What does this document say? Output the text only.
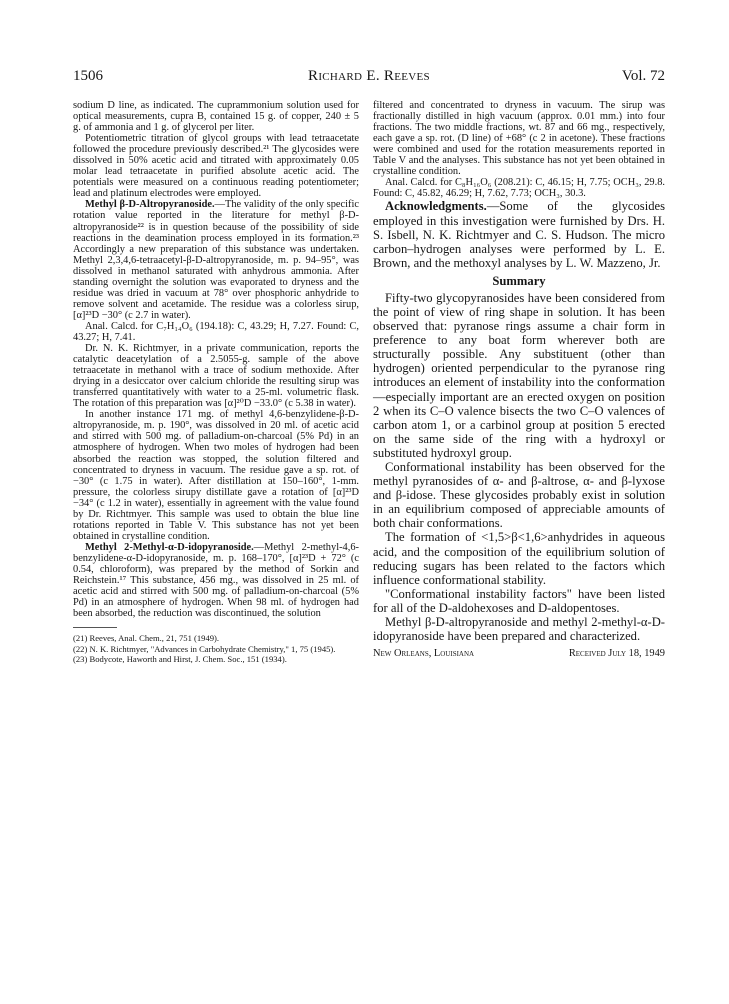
1506	Richard E. Reeves	Vol. 72

sodium D line, as indicated. The cuprammonium solution used for optical measurements, cupra B, contained 15 g. of copper, 240 ± 5 g. of ammonia and 1 g. of glycerol per liter.

Potentiometric titration of glycol groups with lead tetraacetate followed the procedure previously described.²¹ The glycosides were dissolved in 50% acetic acid and titrated with approximately 0.05 molar lead tetraacetate in purified absolute acetic acid. The potentials were measured on a continuous reading potentiometer; lead and platinum electrodes were employed.

Methyl β-D-Altropyranoside.—The validity of the only specific rotation value reported in the literature for methyl β-D-altropyranoside²² is in question because of the possibility of side reactions in the deamination process employed in its formation.²³ Accordingly a new preparation of this substance was undertaken. Methyl 2,3,4,6-tetraacetyl-β-D-altropyranoside, m. p. 94–95°, was dissolved in methanol saturated with anhydrous ammonia. After standing overnight the solution was evaporated to dryness and the residue was dried in vacuum at 78° over phosphoric anhydride to remove solvent and acetamide. The residue was a colorless sirup, [α]²³D −30° (c 2.7 in water).

Anal. Calcd. for C₇H₁₄O₆ (194.18): C, 43.29; H, 7.27. Found: C, 43.27; H, 7.41.

Dr. N. K. Richtmyer, in a private communication, reports the catalytic deacetylation of a 2.5055-g. sample of the above tetraacetate in methanol with a trace of sodium methoxide. After drying in a desiccator over calcium chloride the resulting sirup was transferred quantitatively with water to a 25-ml. volumetric flask. The rotation of this preparation was [α]²⁰D −33.0° (c 5.38 in water).

In another instance 171 mg. of methyl 4,6-benzylidene-β-D-altropyranoside, m. p. 190°, was dissolved in 20 ml. of acetic acid and stirred with 500 mg. of palladium-on-charcoal (5% Pd) in an atmosphere of hydrogen. When two moles of hydrogen had been absorbed the reaction was stopped, the solution filtered and concentrated to dryness in vacuum. The residue gave a sp. rot. of −30° (c 1.75 in water). After distillation at 150–160°, 1-mm. pressure, the colorless sirupy distillate gave a rotation of [α]²³D −34° (c 1.2 in water), essentially in agreement with the value found by Dr. Richtmyer. This sample was used to obtain the blue line rotations reported in Table V. This substance has not yet been obtained in crystalline condition.

Methyl 2-Methyl-α-D-idopyranoside.—Methyl 2-methyl-4,6-benzylidene-α-D-idopyranoside, m. p. 168–170°, [α]²³D + 72° (c 0.54, chloroform), was prepared by the method of Sorkin and Reichstein.¹⁷ This substance, 456 mg., was dissolved in 25 ml. of acetic acid and stirred with 500 mg. of palladium-on-charcoal (5% Pd) in an atmosphere of hydrogen. When 98 ml. of hydrogen had been absorbed, the reduction was discontinued, the solution

(21) Reeves, Anal. Chem., 21, 751 (1949).

(22) N. K. Richtmyer, "Advances in Carbohydrate Chemistry," 1, 75 (1945).

(23) Bodycote, Haworth and Hirst, J. Chem. Soc., 151 (1934).

filtered and concentrated to dryness in vacuum. The sirup was fractionally distilled in high vacuum (approx. 0.01 mm.) into four fractions. The two middle fractions, wt. 87 and 66 mg., respectively, each gave a sp. rot. (D line) of +68° (c 2 in acetone). These fractions were combined and used for the rotation measurements reported in Table V and the analyses. This substance has not yet been obtained in crystalline condition.

Anal. Calcd. for C₈H₁₆O₆ (208.21): C, 46.15; H, 7.75; OCH₃, 29.8. Found: C, 45.82, 46.29; H, 7.62, 7.73; OCH₃, 30.3.

Acknowledgments.—Some of the glycosides employed in this investigation were furnished by Drs. H. S. Isbell, N. K. Richtmyer and C. S. Hudson. The micro carbon–hydrogen analyses were performed by L. E. Brown, and the methoxyl analyses by L. W. Mazzeno, Jr.

Summary

Fifty-two glycopyranosides have been considered from the point of view of ring shape in solution. It has been observed that: pyranose rings assume a chair form in preference to any boat form wherever both are structurally possible. Any substituent (other than hydrogen) oriented perpendicular to the pyranose ring introduces an element of instability into the conformation—especially important are an erected oxygen on position 2 when its C–O valence bisects the two C–O valences of carbon atom 1, or a carbinol group at position 5 erected on the same side of the ring with a hydroxyl or substituted hydroxyl group.

Conformational instability has been observed for the methyl pyranosides of α- and β-altrose, α- and β-lyxose and β-idose. These glycosides probably exist in solution in an equilibrium composed of appreciable amounts of both chair conformations.

The formation of <1,5>β<1,6>anhydrides in aqueous acid, and the composition of the equilibrium solution of reducing sugars has been related to the factors which influence conformational stability.

"Conformational instability factors" have been listed for all of the D-aldohexoses and D-aldopentoses.

Methyl β-D-altropyranoside and methyl 2-methyl-α-D-idopyranoside have been prepared and characterized.

New Orleans, Louisiana	Received July 18, 1949
